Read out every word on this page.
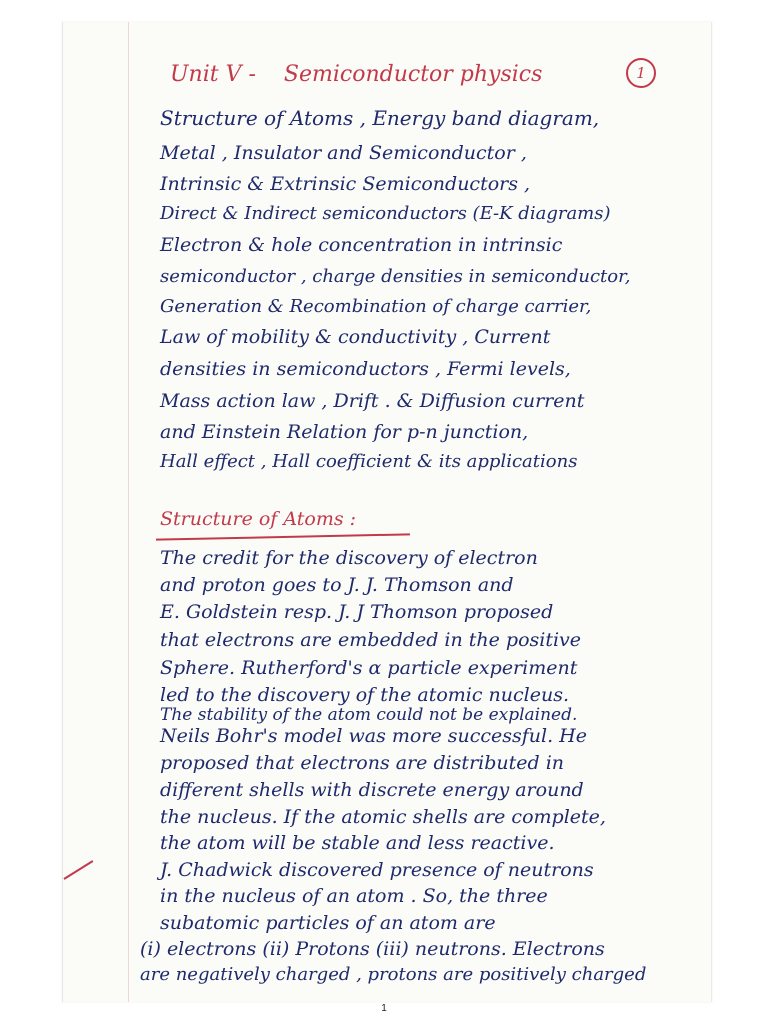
Unit V - Semiconductor physics	1

Structure of Atoms , Energy band diagram,

Metal , Insulator and Semiconductor ,

Intrinsic & Extrinsic Semiconductors ,

Direct & Indirect semiconductors (E-K diagrams)

Electron & hole concentration in intrinsic

semiconductor , charge densities in semiconductor,

Generation & Recombination of charge carrier,

Law of mobility & conductivity , Current

densities in semiconductors , Fermi levels,

Mass action law , Drift . & Diffusion current

and Einstein Relation for p-n junction,

Hall effect , Hall coefficient & its applications

Structure of Atoms :

The credit for the discovery of electron

and proton goes to J. J. Thomson and

E. Goldstein resp. J. J Thomson proposed

that electrons are embedded in the positive

Sphere. Rutherford's α particle experiment

led to the discovery of the atomic nucleus.

The stability of the atom could not be explained.

Neils Bohr's model was more successful. He

proposed that electrons are distributed in

different shells with discrete energy around

the nucleus. If the atomic shells are complete,

the atom will be stable and less reactive.

J. Chadwick discovered presence of neutrons

in the nucleus of an atom . So, the three

subatomic particles of an atom are

(i) electrons (ii) Protons (iii) neutrons. Electrons

are negatively charged , protons are positively charged

1
